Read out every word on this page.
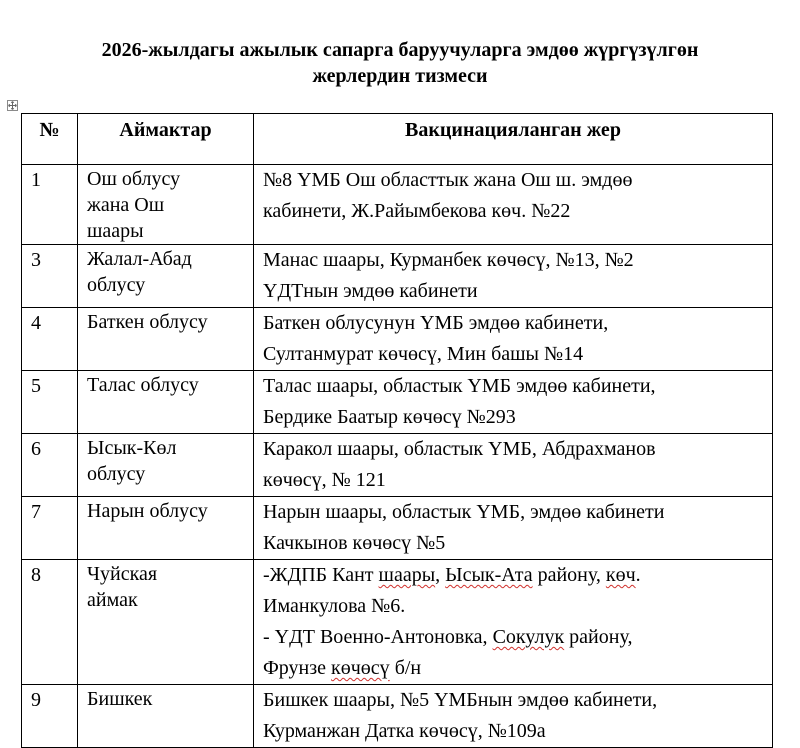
2026-жылдагы ажылык сапарга баруучуларга эмдөө жүргүзүлгөн
жерлердин тизмеси
№	Аймактар	Вакцинацияланган жер
1	Ош облусу
жана Ош
шаары	№8 ҮМБ Ош областтык жана Ош ш. эмдөө
кабинети, Ж.Райымбекова көч. №22

3	Жалал-Абад
облусу	Манас шаары, Курманбек көчөсү, №13, №2
ҮДТнын эмдөө кабинети

4	Баткен облусу	Баткен облусунун ҮМБ эмдөө кабинети,
Султанмурат көчөсү, Мин башы №14

5	Талас облусу	Талас шаары, областык ҮМБ эмдөө кабинети,
Бердике Баатыр көчөсү №293

6	Ысык-Көл
облусу	Каракол шаары, областык ҮМБ, Абдрахманов
көчөсү, № 121

7	Нарын облусу	Нарын шаары, областык ҮМБ, эмдөө кабинети
Качкынов көчөсү №5

8	Чуйская
аймак	-ЖДПБ Кант шаары, Ысык-Ата району, көч.
Иманкулова №6.
- ҮДТ Военно-Антоновка, Сокулук району,
Фрунзе көчөсү б/н

9	Бишкек	Бишкек шаары, №5 ҮМБнын эмдөө кабинети,
Курманжан Датка көчөсү, №109а
